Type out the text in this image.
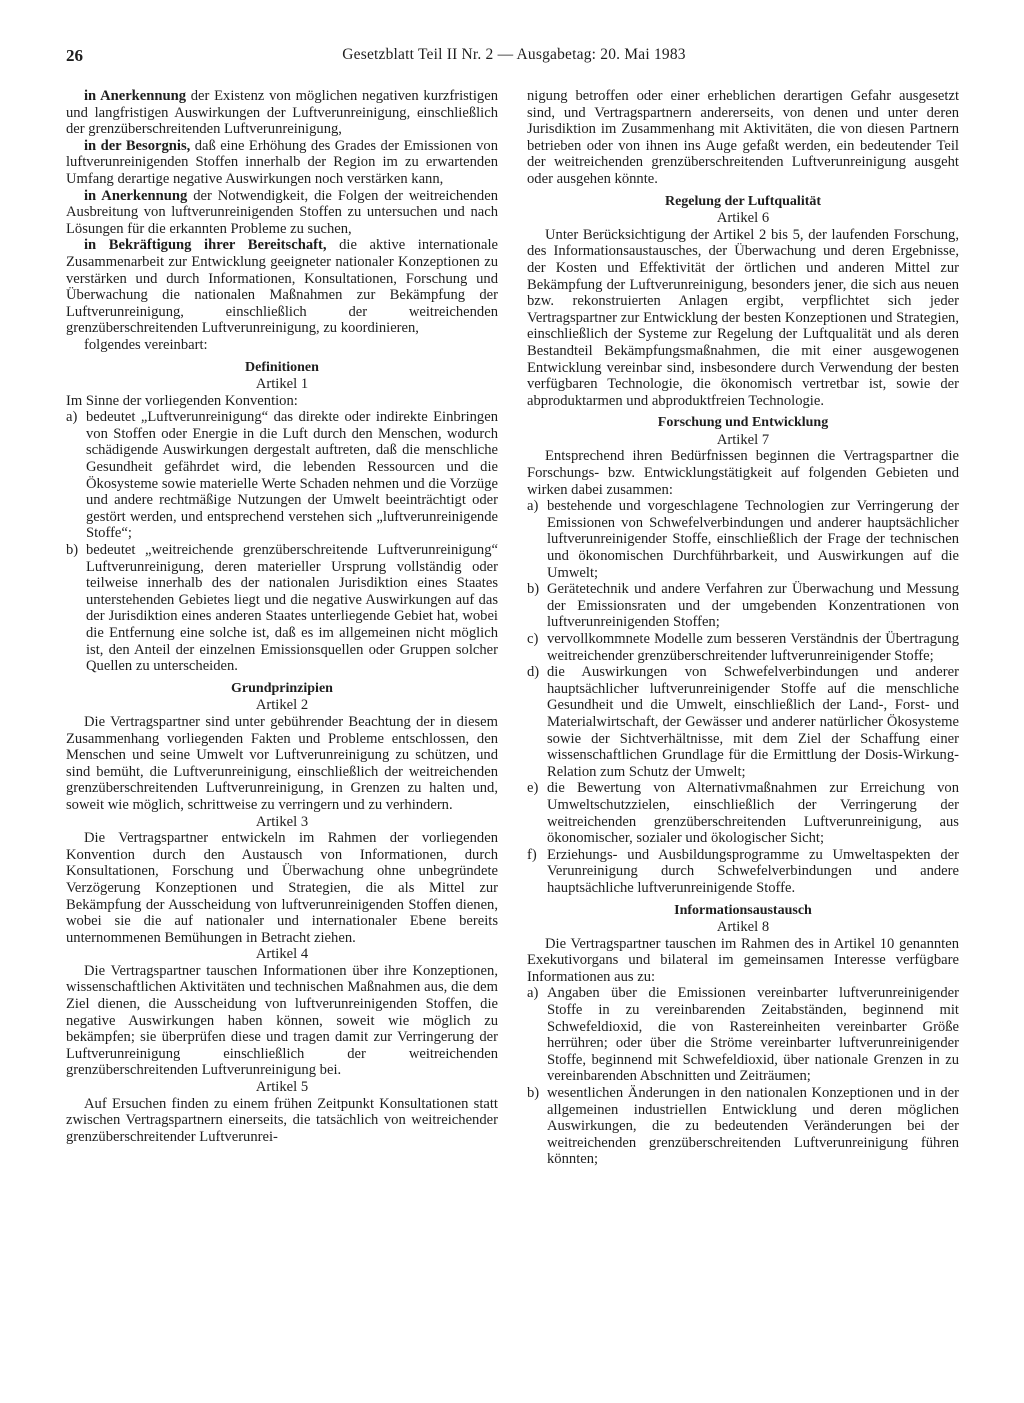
26	Gesetzblatt Teil II Nr. 2 — Ausgabetag: 20. Mai 1983

in Anerkennung der Existenz von möglichen negativen kurzfristigen und langfristigen Auswirkungen der Luftverunreinigung, einschließlich der grenzüberschreitenden Luftverunreinigung,

in der Besorgnis, daß eine Erhöhung des Grades der Emissionen von luftverunreinigenden Stoffen innerhalb der Region im zu erwartenden Umfang derartige negative Auswirkungen noch verstärken kann,

in Anerkennung der Notwendigkeit, die Folgen der weitreichenden Ausbreitung von luftverunreinigenden Stoffen zu untersuchen und nach Lösungen für die erkannten Probleme zu suchen,

in Bekräftigung ihrer Bereitschaft, die aktive internationale Zusammenarbeit zur Entwicklung geeigneter nationaler Konzeptionen zu verstärken und durch Informationen, Konsultationen, Forschung und Überwachung die nationalen Maßnahmen zur Bekämpfung der Luftverunreinigung, einschließlich der weitreichenden grenzüberschreitenden Luftverunreinigung, zu koordinieren,

folgendes vereinbart:

Definitionen

Artikel 1

Im Sinne der vorliegenden Konvention:

a) bedeutet „Luftverunreinigung“ das direkte oder indirekte Einbringen von Stoffen oder Energie in die Luft durch den Menschen, wodurch schädigende Auswirkungen dergestalt auftreten, daß die menschliche Gesundheit gefährdet wird, die lebenden Ressourcen und die Ökosysteme sowie materielle Werte Schaden nehmen und die Vorzüge und andere rechtmäßige Nutzungen der Umwelt beeinträchtigt oder gestört werden, und entsprechend verstehen sich „luftverunreinigende Stoffe“;
b) bedeutet „weitreichende grenzüberschreitende Luftverunreinigung“ Luftverunreinigung, deren materieller Ursprung vollständig oder teilweise innerhalb des der nationalen Jurisdiktion eines Staates unterstehenden Gebietes liegt und die negative Auswirkungen auf das der Jurisdiktion eines anderen Staates unterliegende Gebiet hat, wobei die Entfernung eine solche ist, daß es im allgemeinen nicht möglich ist, den Anteil der einzelnen Emissionsquellen oder Gruppen solcher Quellen zu unterscheiden.

Grundprinzipien

Artikel 2

Die Vertragspartner sind unter gebührender Beachtung der in diesem Zusammenhang vorliegenden Fakten und Probleme entschlossen, den Menschen und seine Umwelt vor Luftverunreinigung zu schützen, und sind bemüht, die Luftverunreinigung, einschließlich der weitreichenden grenzüberschreitenden Luftverunreinigung, in Grenzen zu halten und, soweit wie möglich, schrittweise zu verringern und zu verhindern.

Artikel 3

Die Vertragspartner entwickeln im Rahmen der vorliegenden Konvention durch den Austausch von Informationen, durch Konsultationen, Forschung und Überwachung ohne unbegründete Verzögerung Konzeptionen und Strategien, die als Mittel zur Bekämpfung der Ausscheidung von luftverunreinigenden Stoffen dienen, wobei sie die auf nationaler und internationaler Ebene bereits unternommenen Bemühungen in Betracht ziehen.

Artikel 4

Die Vertragspartner tauschen Informationen über ihre Konzeptionen, wissenschaftlichen Aktivitäten und technischen Maßnahmen aus, die dem Ziel dienen, die Ausscheidung von luftverunreinigenden Stoffen, die negative Auswirkungen haben können, soweit wie möglich zu bekämpfen; sie überprüfen diese und tragen damit zur Verringerung der Luftverunreinigung einschließlich der weitreichenden grenzüberschreitenden Luftverunreinigung bei.

Artikel 5

Auf Ersuchen finden zu einem frühen Zeitpunkt Konsultationen statt zwischen Vertragspartnern einerseits, die tatsächlich von weitreichender grenzüberschreitender Luftverunrei-

nigung betroffen oder einer erheblichen derartigen Gefahr ausgesetzt sind, und Vertragspartnern andererseits, von denen und unter deren Jurisdiktion im Zusammenhang mit Aktivitäten, die von diesen Partnern betrieben oder von ihnen ins Auge gefaßt werden, ein bedeutender Teil der weitreichenden grenzüberschreitenden Luftverunreinigung ausgeht oder ausgehen könnte.

Regelung der Luftqualität

Artikel 6

Unter Berücksichtigung der Artikel 2 bis 5, der laufenden Forschung, des Informationsaustausches, der Überwachung und deren Ergebnisse, der Kosten und Effektivität der örtlichen und anderen Mittel zur Bekämpfung der Luftverunreinigung, besonders jener, die sich aus neuen bzw. rekonstruierten Anlagen ergibt, verpflichtet sich jeder Vertragspartner zur Entwicklung der besten Konzeptionen und Strategien, einschließlich der Systeme zur Regelung der Luftqualität und als deren Bestandteil Bekämpfungsmaßnahmen, die mit einer ausgewogenen Entwicklung vereinbar sind, insbesondere durch Verwendung der besten verfügbaren Technologie, die ökonomisch vertretbar ist, sowie der abproduktarmen und abproduktfreien Technologie.

Forschung und Entwicklung

Artikel 7

Entsprechend ihren Bedürfnissen beginnen die Vertragspartner die Forschungs- bzw. Entwicklungstätigkeit auf folgenden Gebieten und wirken dabei zusammen:

a) bestehende und vorgeschlagene Technologien zur Verringerung der Emissionen von Schwefelverbindungen und anderer hauptsächlicher luftverunreinigender Stoffe, einschließlich der Frage der technischen und ökonomischen Durchführbarkeit, und Auswirkungen auf die Umwelt;
b) Gerätetechnik und andere Verfahren zur Überwachung und Messung der Emissionsraten und der umgebenden Konzentrationen von luftverunreinigenden Stoffen;
c) vervollkommnete Modelle zum besseren Verständnis der Übertragung weitreichender grenzüberschreitender luftverunreinigender Stoffe;
d) die Auswirkungen von Schwefelverbindungen und anderer hauptsächlicher luftverunreinigender Stoffe auf die menschliche Gesundheit und die Umwelt, einschließlich der Land-, Forst- und Materialwirtschaft, der Gewässer und anderer natürlicher Ökosysteme sowie der Sichtverhältnisse, mit dem Ziel der Schaffung einer wissenschaftlichen Grundlage für die Ermittlung der Dosis-Wirkung-Relation zum Schutz der Umwelt;
e) die Bewertung von Alternativmaßnahmen zur Erreichung von Umweltschutzzielen, einschließlich der Verringerung der weitreichenden grenzüberschreitenden Luftverunreinigung, aus ökonomischer, sozialer und ökologischer Sicht;
f) Erziehungs- und Ausbildungsprogramme zu Umweltaspekten der Verunreinigung durch Schwefelverbindungen und andere hauptsächliche luftverunreinigende Stoffe.

Informationsaustausch

Artikel 8

Die Vertragspartner tauschen im Rahmen des in Artikel 10 genannten Exekutivorgans und bilateral im gemeinsamen Interesse verfügbare Informationen aus zu:

a) Angaben über die Emissionen vereinbarter luftverunreinigender Stoffe in zu vereinbarenden Zeitabständen, beginnend mit Schwefeldioxid, die von Rastereinheiten vereinbarter Größe herrühren; oder über die Ströme vereinbarter luftverunreinigender Stoffe, beginnend mit Schwefeldioxid, über nationale Grenzen in zu vereinbarenden Abschnitten und Zeiträumen;
b) wesentlichen Änderungen in den nationalen Konzeptionen und in der allgemeinen industriellen Entwicklung und deren möglichen Auswirkungen, die zu bedeutenden Veränderungen bei der weitreichenden grenzüberschreitenden Luftverunreinigung führen könnten;
